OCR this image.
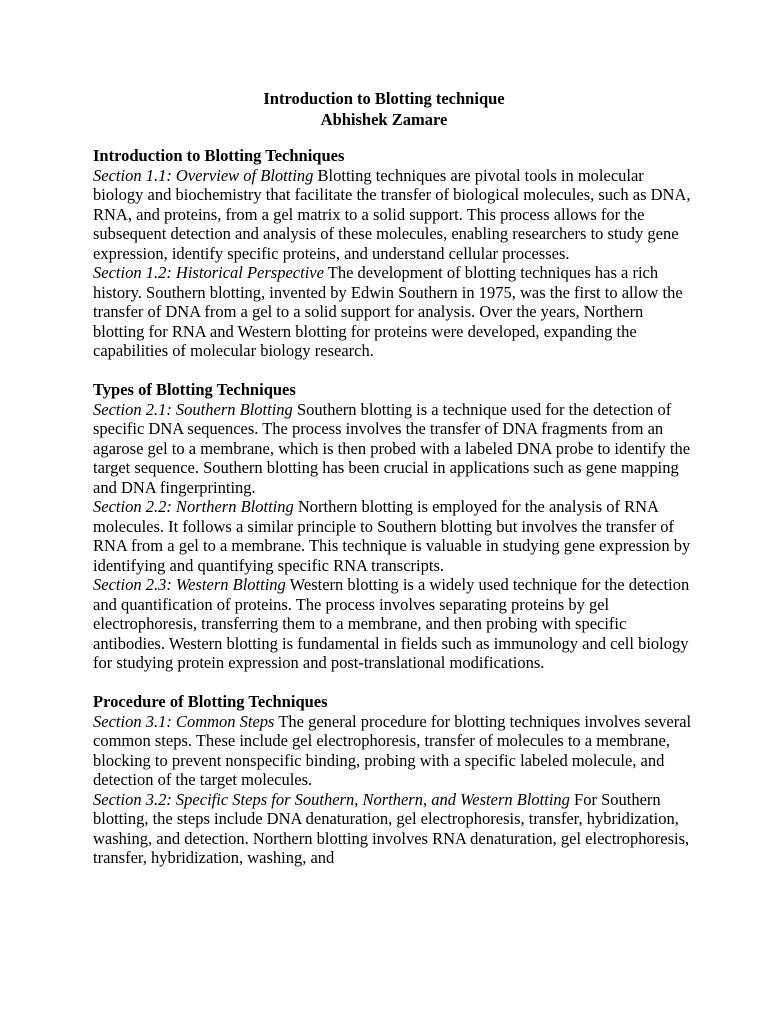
Introduction to Blotting technique
Abhishek Zamare
Introduction to Blotting Techniques

Section 1.1: Overview of Blotting Blotting techniques are pivotal tools in molecular biology and biochemistry that facilitate the transfer of biological molecules, such as DNA, RNA, and proteins, from a gel matrix to a solid support. This process allows for the subsequent detection and analysis of these molecules, enabling researchers to study gene expression, identify specific proteins, and understand cellular processes.

Section 1.2: Historical Perspective The development of blotting techniques has a rich history. Southern blotting, invented by Edwin Southern in 1975, was the first to allow the transfer of DNA from a gel to a solid support for analysis. Over the years, Northern blotting for RNA and Western blotting for proteins were developed, expanding the capabilities of molecular biology research.

Types of Blotting Techniques

Section 2.1: Southern Blotting Southern blotting is a technique used for the detection of specific DNA sequences. The process involves the transfer of DNA fragments from an agarose gel to a membrane, which is then probed with a labeled DNA probe to identify the target sequence. Southern blotting has been crucial in applications such as gene mapping and DNA fingerprinting.

Section 2.2: Northern Blotting Northern blotting is employed for the analysis of RNA molecules. It follows a similar principle to Southern blotting but involves the transfer of RNA from a gel to a membrane. This technique is valuable in studying gene expression by identifying and quantifying specific RNA transcripts.

Section 2.3: Western Blotting Western blotting is a widely used technique for the detection and quantification of proteins. The process involves separating proteins by gel electrophoresis, transferring them to a membrane, and then probing with specific antibodies. Western blotting is fundamental in fields such as immunology and cell biology for studying protein expression and post-translational modifications.

Procedure of Blotting Techniques

Section 3.1: Common Steps The general procedure for blotting techniques involves several common steps. These include gel electrophoresis, transfer of molecules to a membrane, blocking to prevent nonspecific binding, probing with a specific labeled molecule, and detection of the target molecules.

Section 3.2: Specific Steps for Southern, Northern, and Western Blotting For Southern blotting, the steps include DNA denaturation, gel electrophoresis, transfer, hybridization, washing, and detection. Northern blotting involves RNA denaturation, gel electrophoresis, transfer, hybridization, washing, and
